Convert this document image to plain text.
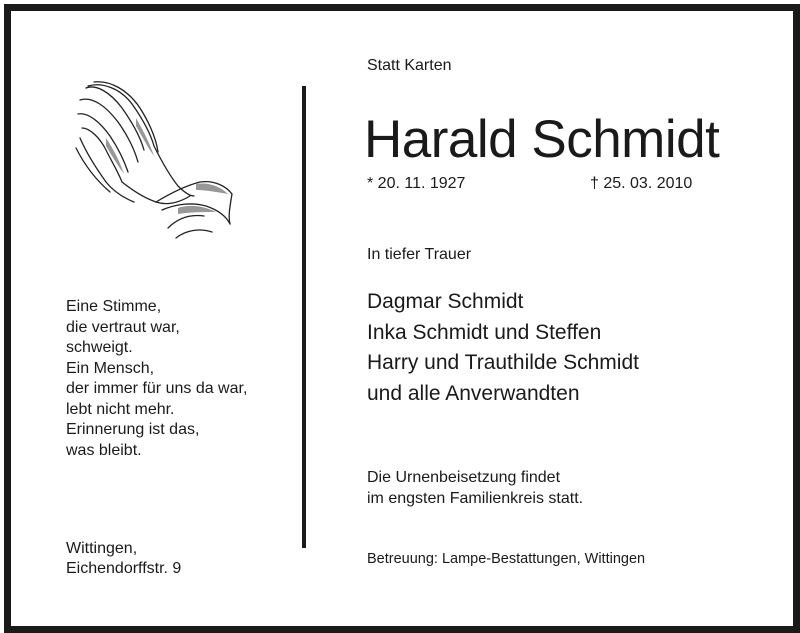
Eine Stimme,
die vertraut war,
schweigt.
Ein Mensch,
der immer für uns da war,
lebt nicht mehr.
Erinnerung ist das,
was bleibt.
Wittingen,
Eichendorffstr. 9
Statt Karten
Harald Schmidt
* 20. 11. 1927	† 25. 03. 2010
In tiefer Trauer
Dagmar Schmidt
Inka Schmidt und Steffen
Harry und Trauthilde Schmidt
und alle Anverwandten
Die Urnenbeisetzung findet
im engsten Familienkreis statt.
Betreuung: Lampe-Bestattungen, Wittingen
